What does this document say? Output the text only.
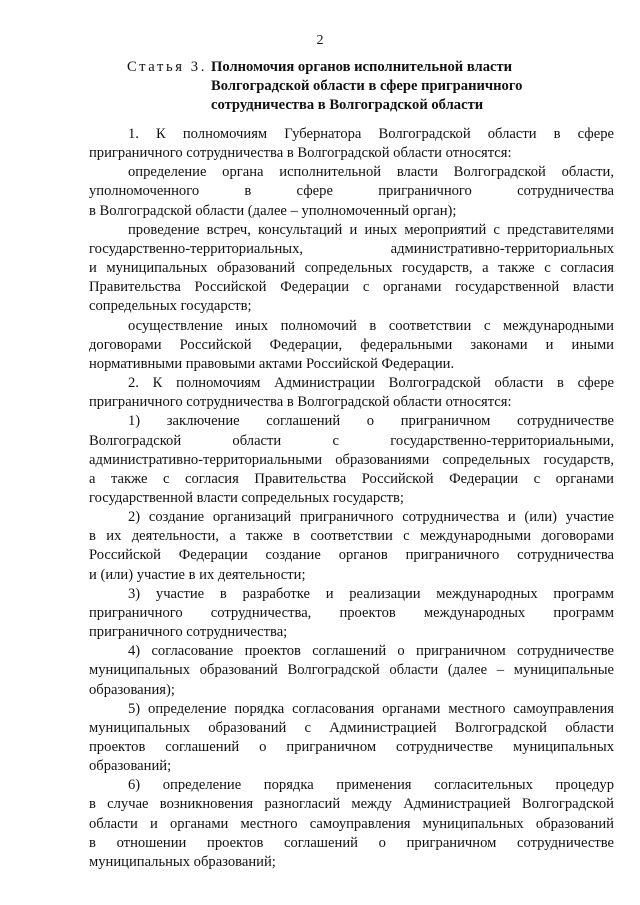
2
Статья 3. Полномочия органов исполнительной власти
Волгоградской области в сфере приграничного
сотрудничества в Волгоградской области
1. К полномочиям Губернатора Волгоградской области в сфере
приграничного сотрудничества в Волгоградской области относятся:
определение органа исполнительной власти Волгоградской области,
уполномоченного в сфере приграничного сотрудничества
в Волгоградской области (далее – уполномоченный орган);
проведение встреч, консультаций и иных мероприятий с представителями
государственно-территориальных, административно-территориальных
и муниципальных образований сопредельных государств, а также с согласия
Правительства Российской Федерации с органами государственной власти
сопредельных государств;
осуществление иных полномочий в соответствии с международными
договорами Российской Федерации, федеральными законами и иными
нормативными правовыми актами Российской Федерации.
2. К полномочиям Администрации Волгоградской области в сфере
приграничного сотрудничества в Волгоградской области относятся:
1) заключение соглашений о приграничном сотрудничестве
Волгоградской области с государственно-территориальными,
административно-территориальными образованиями сопредельных государств,
а также с согласия Правительства Российской Федерации с органами
государственной власти сопредельных государств;
2) создание организаций приграничного сотрудничества и (или) участие
в их деятельности, а также в соответствии с международными договорами
Российской Федерации создание органов приграничного сотрудничества
и (или) участие в их деятельности;
3) участие в разработке и реализации международных программ
приграничного сотрудничества, проектов международных программ
приграничного сотрудничества;
4) согласование проектов соглашений о приграничном сотрудничестве
муниципальных образований Волгоградской области (далее – муниципальные
образования);
5) определение порядка согласования органами местного самоуправления
муниципальных образований с Администрацией Волгоградской области
проектов соглашений о приграничном сотрудничестве муниципальных
образований;
6) определение порядка применения согласительных процедур
в случае возникновения разногласий между Администрацией Волгоградской
области и органами местного самоуправления муниципальных образований
в отношении проектов соглашений о приграничном сотрудничестве
муниципальных образований;
